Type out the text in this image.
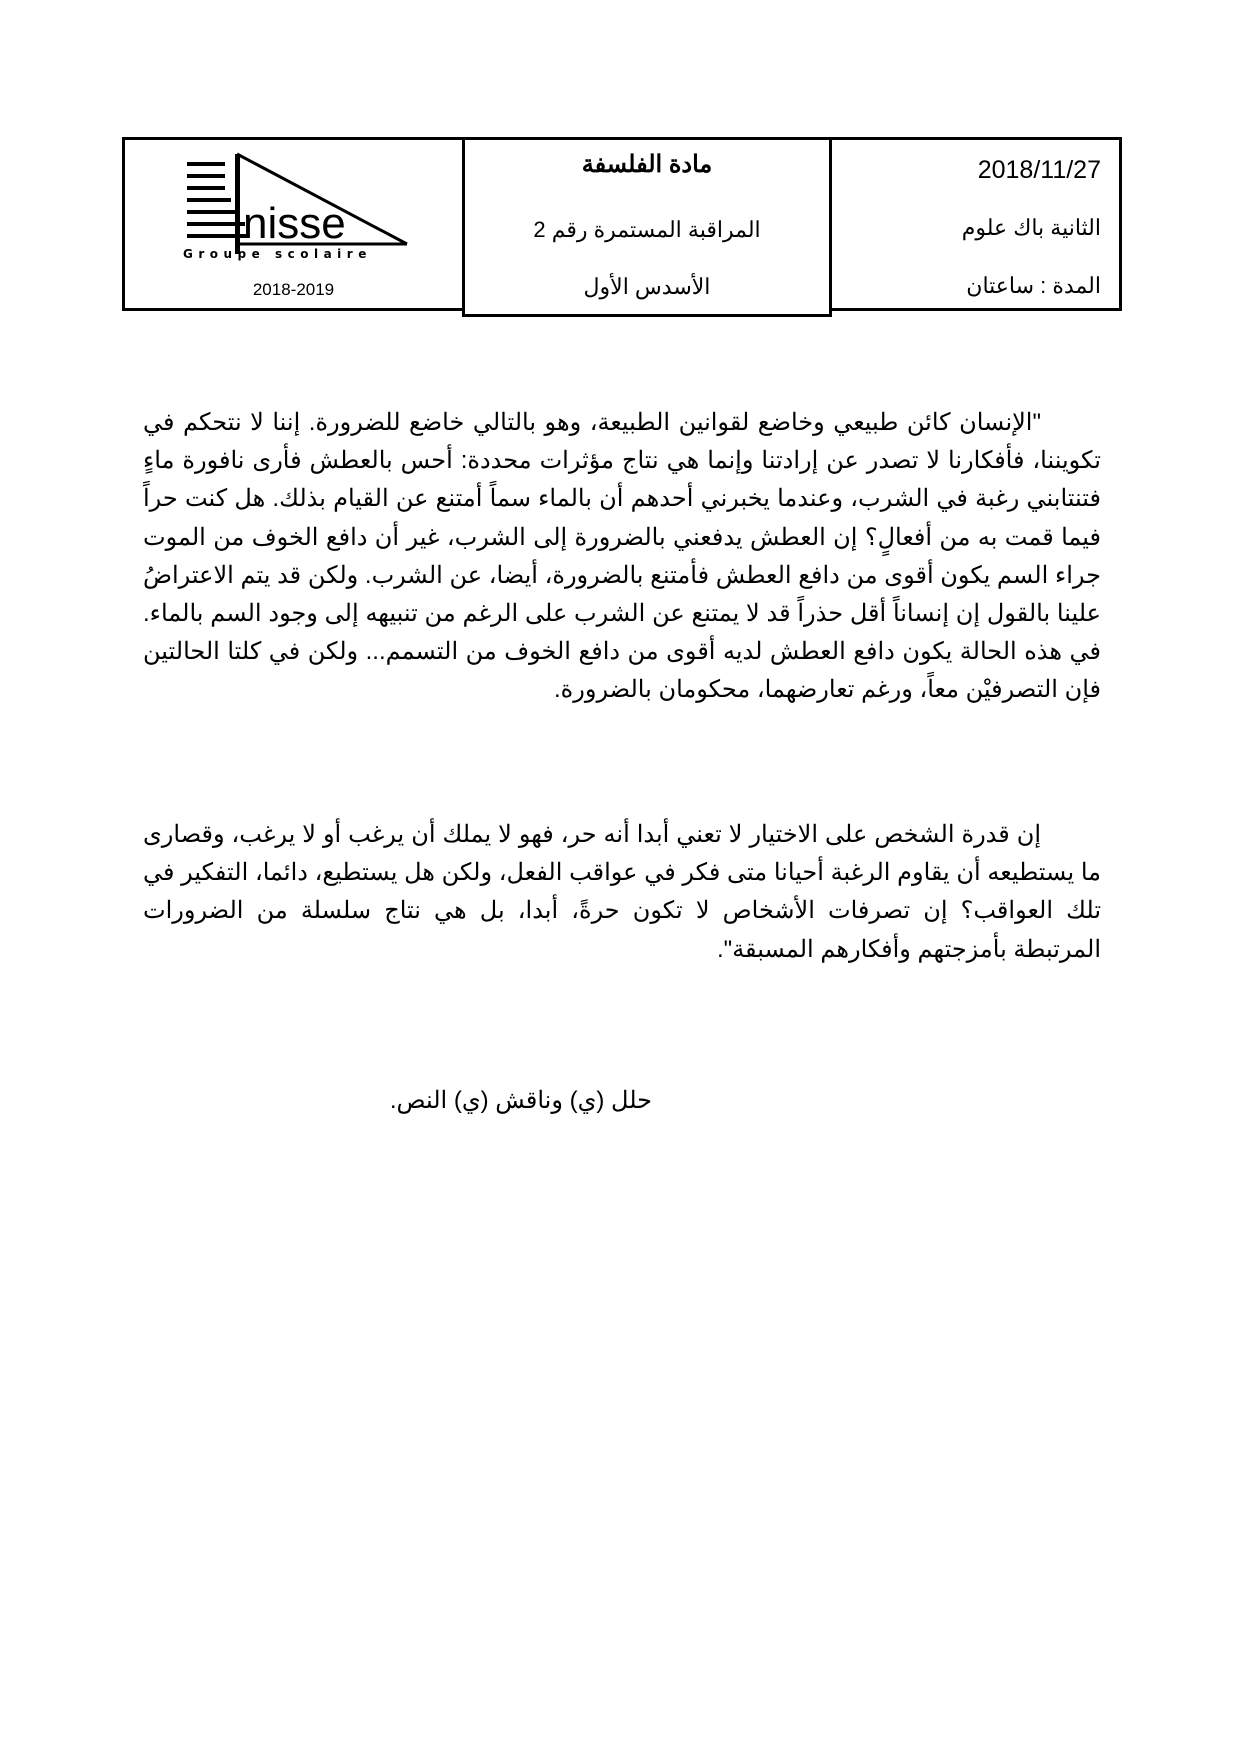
nisse
Groupe scolaire
2018-2019
مادة الفلسفة
المراقبة المستمرة رقم 2
الأسدس الأول
2018/11/27
الثانية باك علوم
المدة : ساعتان

"الإنسان كائن طبيعي وخاضع لقوانين الطبيعة، وهو بالتالي خاضع للضرورة. إننا لا نتحكم في تكويننا، فأفكارنا لا تصدر عن إرادتنا وإنما هي نتاج مؤثرات محددة: أحس بالعطش فأرى نافورة ماءٍ فتنتابني رغبة في الشرب، وعندما يخبرني أحدهم أن بالماء سماً أمتنع عن القيام بذلك. هل كنت حراً فيما قمت به من أفعالٍ؟ إن العطش يدفعني بالضرورة إلى الشرب، غير أن دافع الخوف من الموت جراء السم يكون أقوى من دافع العطش فأمتنع بالضرورة، أيضا، عن الشرب. ولكن قد يتم الاعتراضُ علينا بالقول إن إنساناً أقل حذراً قد لا يمتنع عن الشرب على الرغم من تنبيهه إلى وجود السم بالماء. في هذه الحالة يكون دافع العطش لديه أقوى من دافع الخوف من التسمم... ولكن في كلتا الحالتين فإن التصرفيْن معاً، ورغم تعارضهما، محكومان بالضرورة.

إن قدرة الشخص على الاختيار لا تعني أبدا أنه حر، فهو لا يملك أن يرغب أو لا يرغب، وقصارى ما يستطيعه أن يقاوم الرغبة أحيانا متى فكر في عواقب الفعل، ولكن هل يستطيع، دائما، التفكير في تلك العواقب؟ إن تصرفات الأشخاص لا تكون حرةً، أبدا، بل هي نتاج سلسلة من الضرورات المرتبطة بأمزجتهم وأفكارهم المسبقة".

حلل (ي) وناقش (ي) النص.
